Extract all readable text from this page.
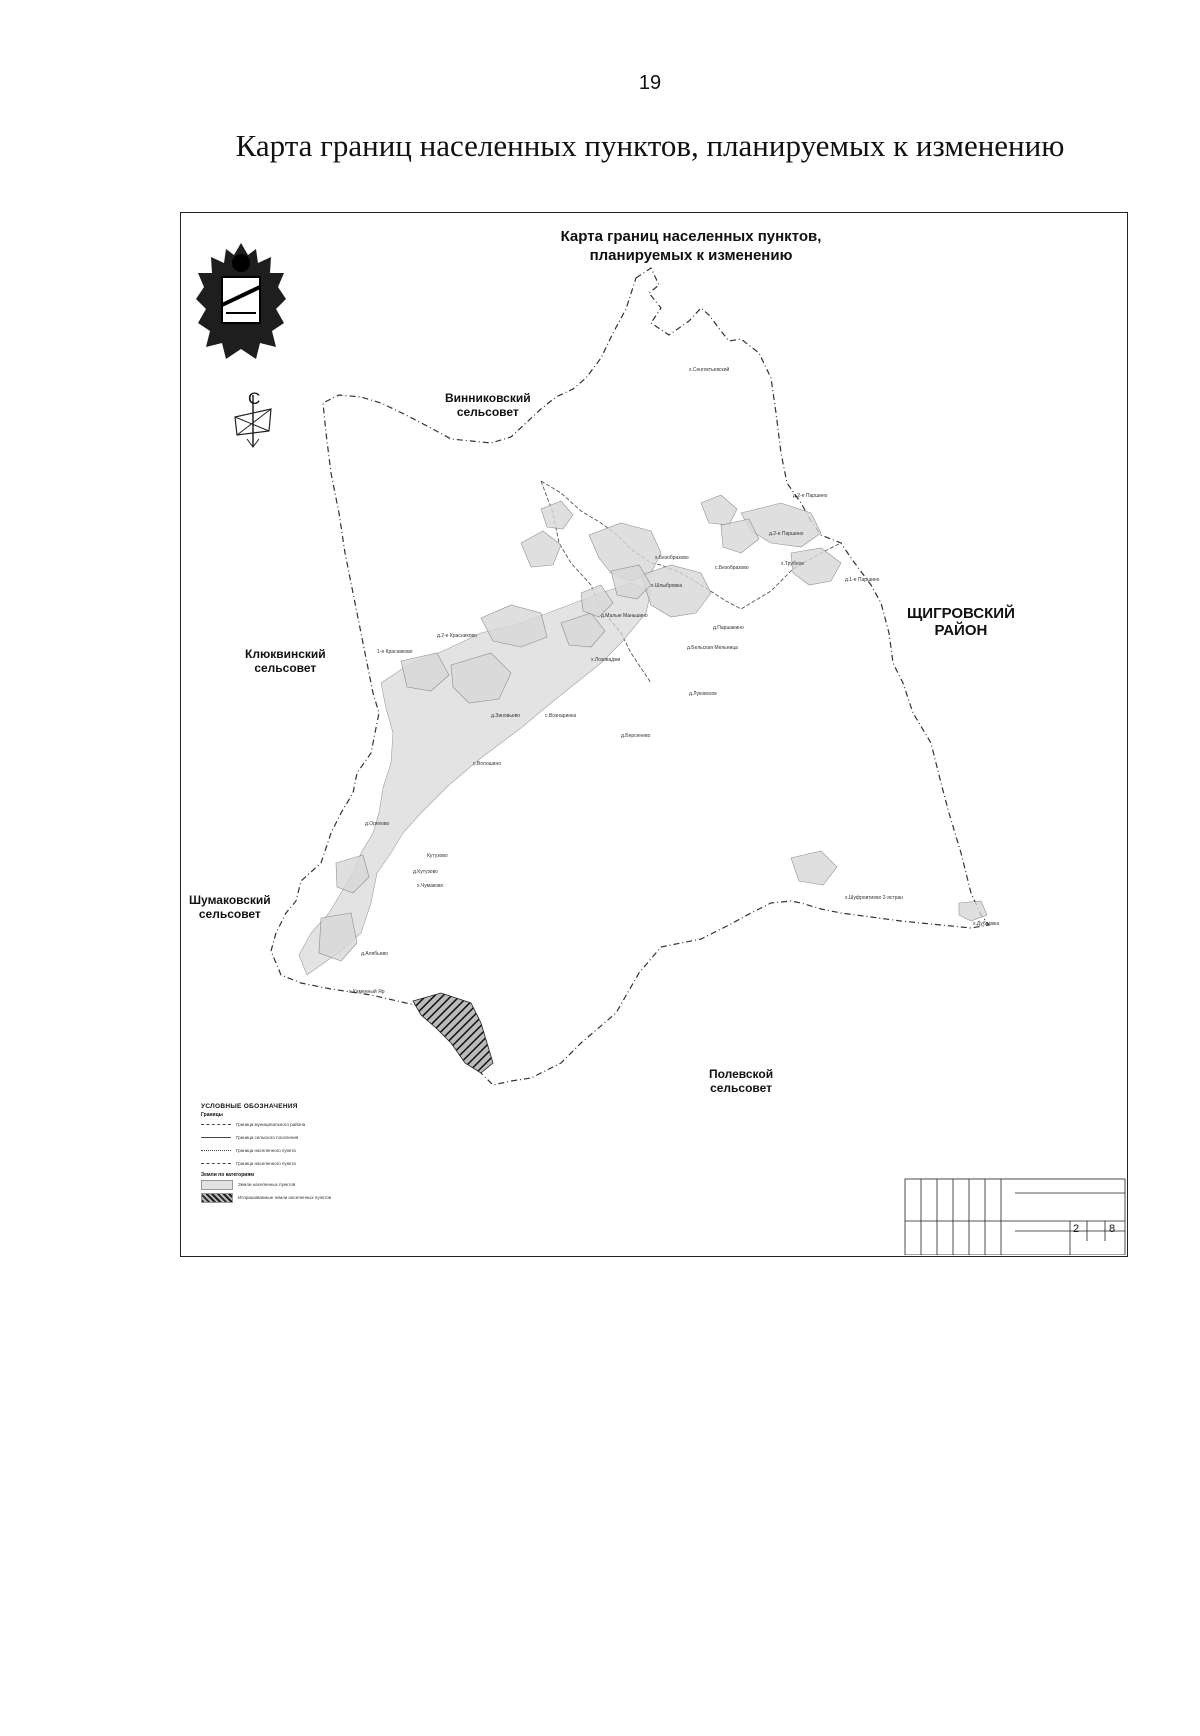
19
Карта границ населенных пунктов, планируемых к изменению
Карта границ населенных пунктов,
планируемых к изменению
С	Винниковский
сельсовет
Клюквинский
сельсовет
ЩИГРОВСКИЙ
РАЙОН
Шумаковский
сельсовет
Полевской
сельсовет
х.Сенгоктьевский
д.2-е Паршино
д.2-е Паршино
х.Безобразово
с.Безобразово
х.Трубное
х.Шлыбровка
д.1-е Паршино
д.Малые Маньшино
д.Паршакино
д.2-е Красниково
1-е Красниково
д.Бельская Мельница
х.Лозоваджи
д.Зиновьево	с.Вознаринка
д.Берсенево
д.Луковское
с.Волошино
д.Орехово
Кутузово
д.Кутузово
х.Чумаково
д.Алябьево
х.Каменный Яр
х.Шуфровтиево 2-ястран
х.Дубровка
УСЛОВНЫЕ ОБОЗНАЧЕНИЯ
Границы
Граница муниципального района
Граница сельского поселения
Граница населенного пункта
Граница населенного пункта
Земли по категориям
Земли населенных пунктов
Испрашиваемые земли населенных пунктов
2	8
